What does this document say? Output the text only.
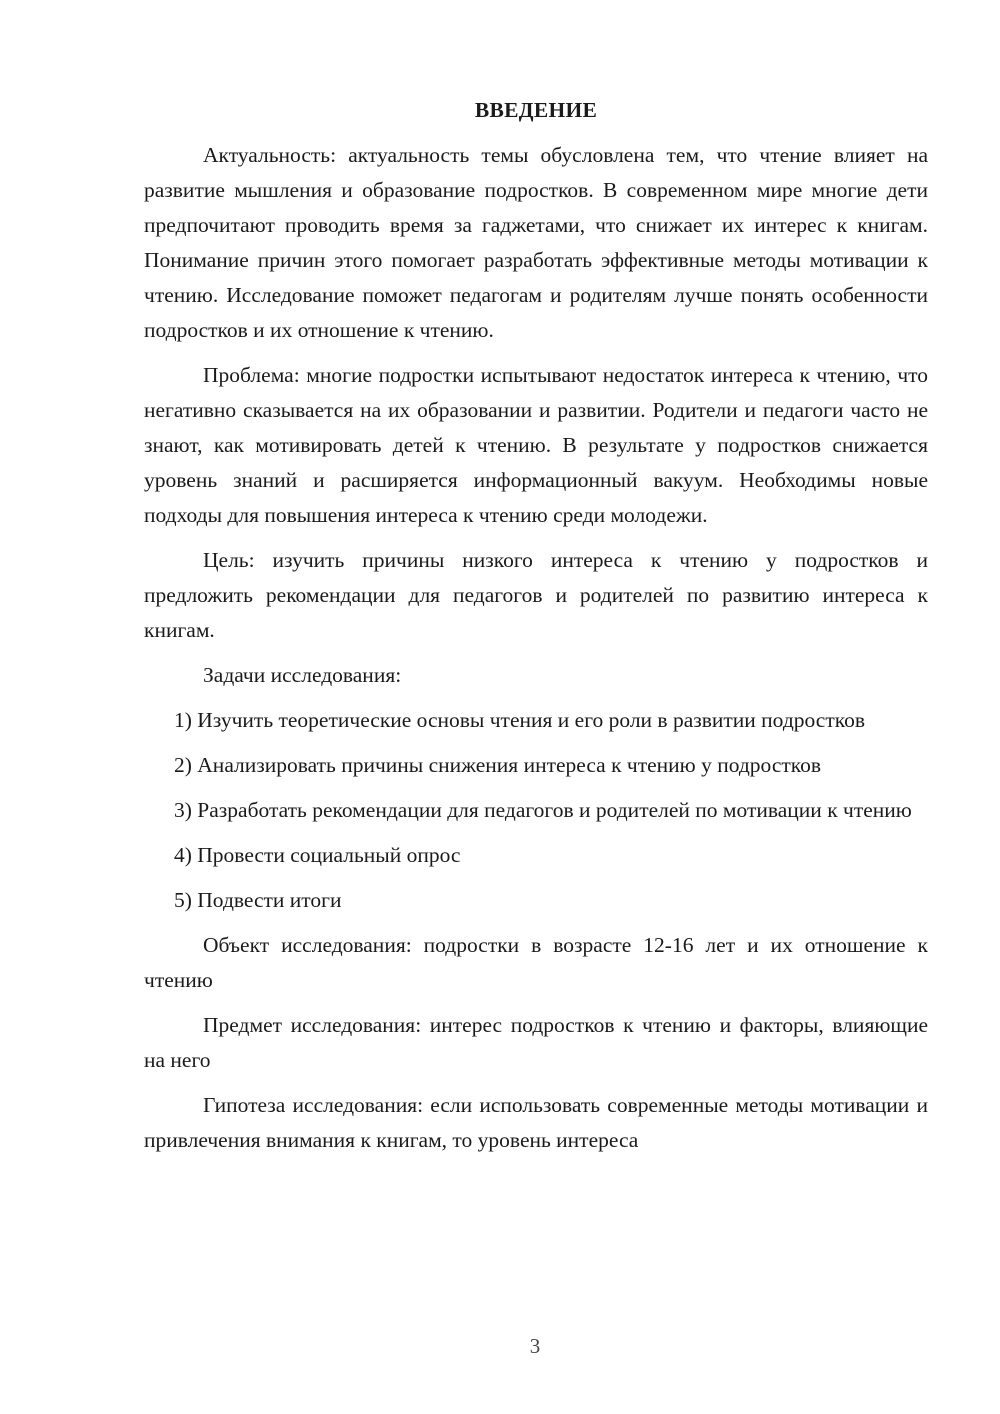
ВВЕДЕНИЕ

Актуальность: актуальность темы обусловлена тем, что чтение влияет на развитие мышления и образование подростков. В современном мире многие дети предпочитают проводить время за гаджетами, что снижает их интерес к книгам. Понимание причин этого помогает разработать эффективные методы мотивации к чтению. Исследование поможет педагогам и родителям лучше понять особенности подростков и их отношение к чтению.

Проблема: многие подростки испытывают недостаток интереса к чтению, что негативно сказывается на их образовании и развитии. Родители и педагоги часто не знают, как мотивировать детей к чтению. В результате у подростков снижается уровень знаний и расширяется информационный вакуум. Необходимы новые подходы для повышения интереса к чтению среди молодежи.

Цель: изучить причины низкого интереса к чтению у подростков и предложить рекомендации для педагогов и родителей по развитию интереса к книгам.

Задачи исследования:

1) Изучить теоретические основы чтения и его роли в развитии подростков

2) Анализировать причины снижения интереса к чтению у подростков

3) Разработать рекомендации для педагогов и родителей по мотивации к чтению

4) Провести социальный опрос

5) Подвести итоги

Объект исследования: подростки в возрасте 12-16 лет и их отношение к чтению

Предмет исследования: интерес подростков к чтению и факторы, влияющие на него

Гипотеза исследования: если использовать современные методы мотивации и привлечения внимания к книгам, то уровень интереса

3
